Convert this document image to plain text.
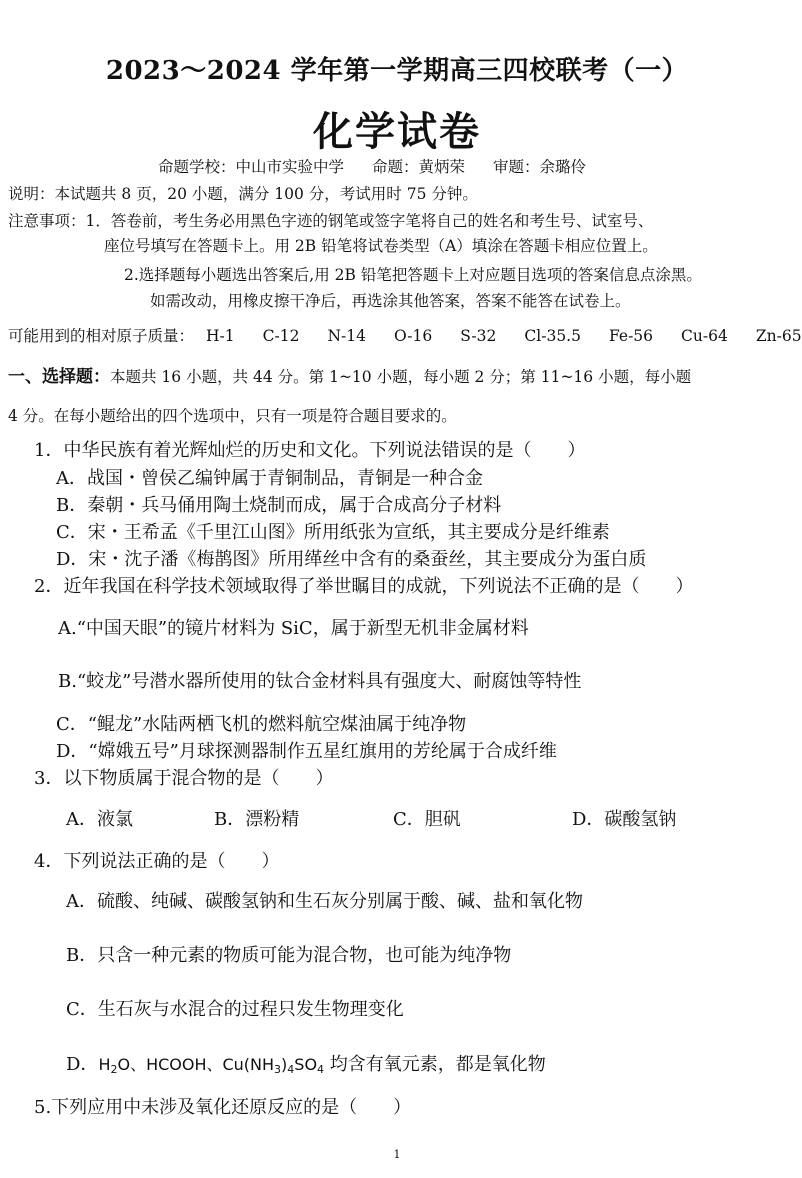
2023～2024 学年第一学期高三四校联考（一）
化学试卷
命题学校：中山市实验中学 命题：黄炳荣 审题：余璐伶
说明：本试题共 8 页，20 小题，满分 100 分，考试用时 75 分钟。
注意事项：1．答卷前，考生务必用黑色字迹的钢笔或签字笔将自己的姓名和考生号、试室号、
座位号填写在答题卡上。用 2B 铅笔将试卷类型（A）填涂在答题卡相应位置上。
2.选择题每小题选出答案后,用 2B 铅笔把答题卡上对应题目选项的答案信息点涂黑。
如需改动，用橡皮擦干净后，再选涂其他答案，答案不能答在试卷上。
可能用到的相对原子质量： H-1 C-12 N-14 O-16 S-32 Cl-35.5 Fe-56 Cu-64 Zn-65
一、选择题：本题共 16 小题，共 44 分。第 1~10 小题，每小题 2 分；第 11~16 小题，每小题
4 分。在每小题给出的四个选项中，只有一项是符合题目要求的。
1．中华民族有着光辉灿烂的历史和文化。下列说法错误的是（　　）
A．战国・曾侯乙编钟属于青铜制品，青铜是一种合金
B．秦朝・兵马俑用陶土烧制而成，属于合成高分子材料
C．宋・王希孟《千里江山图》所用纸张为宣纸，其主要成分是纤维素
D．宋・沈子潘《梅鹊图》所用缂丝中含有的桑蚕丝，其主要成分为蛋白质
2．近年我国在科学技术领域取得了举世瞩目的成就，下列说法不正确的是（　　）
A.“中国天眼”的镜片材料为 SiC，属于新型无机非金属材料
B.“蛟龙”号潜水器所使用的钛合金材料具有强度大、耐腐蚀等特性
C．“鲲龙”水陆两栖飞机的燃料航空煤油属于纯净物
D．“嫦娥五号”月球探测器制作五星红旗用的芳纶属于合成纤维
3．以下物质属于混合物的是（　　）
A．液氯	B．漂粉精	C．胆矾	D．碳酸氢钠
4．下列说法正确的是（　　）
A．硫酸、纯碱、碳酸氢钠和生石灰分别属于酸、碱、盐和氧化物
B．只含一种元素的物质可能为混合物，也可能为纯净物
C．生石灰与水混合的过程只发生物理变化
D．$H_2O$、HCOOH、$Cu(NH_3)_4SO_4$ 均含有氧元素，都是氧化物
5.下列应用中未涉及氧化还原反应的是（　　）
1
